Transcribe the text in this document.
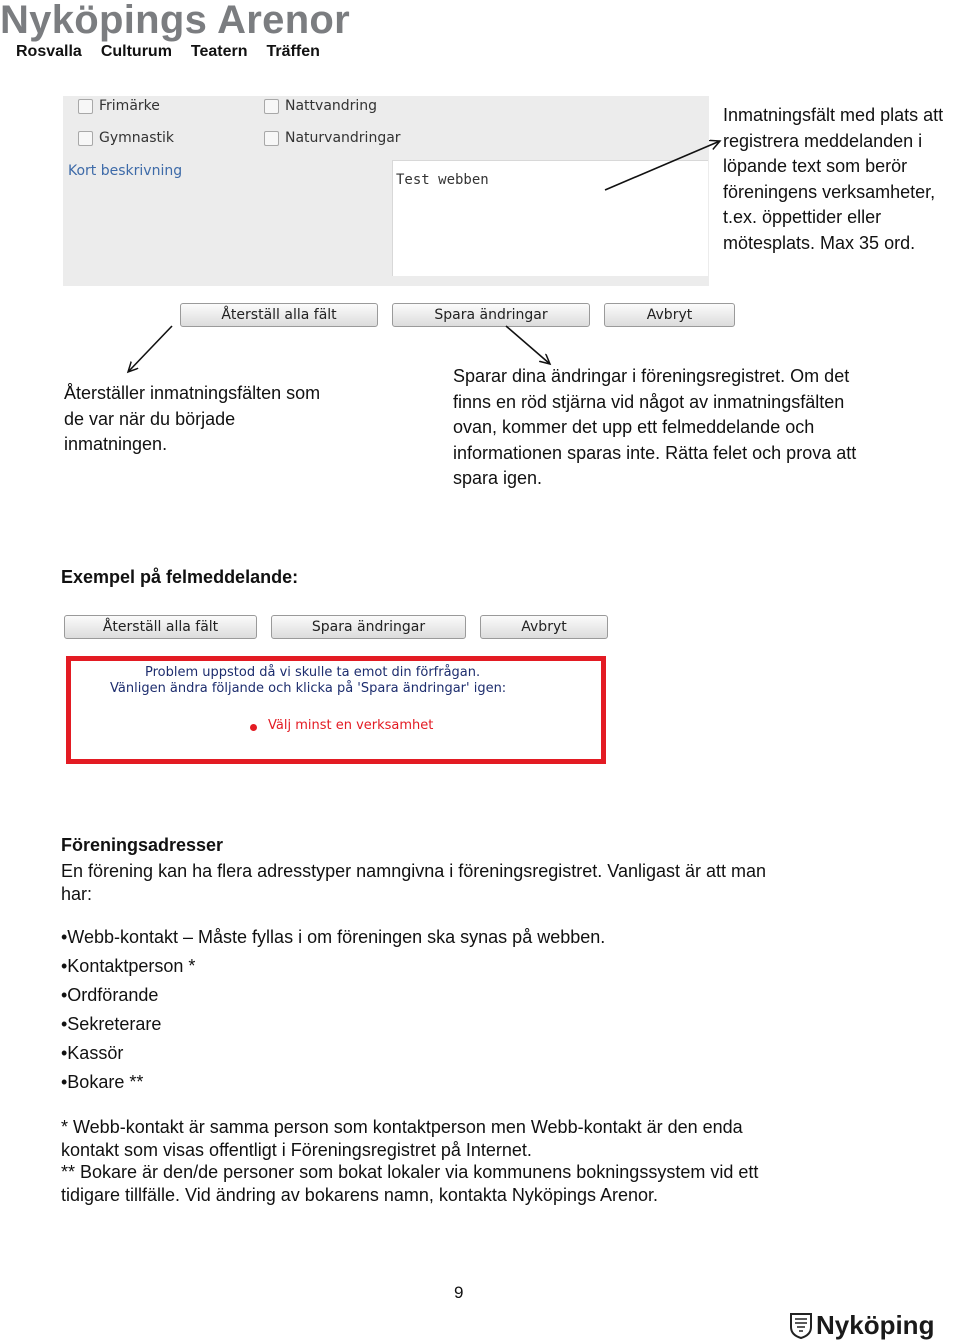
Nyköpings Arenor
Rosvalla Culturum Teatern Träffen
Frimärke	Nattvandring
Gymnastik	Naturvandringar
Kort beskrivning
Test webben
Inmatningsfält med plats att
registrera meddelanden i
löpande text som berör
föreningens verksamheter,
t.ex. öppettider eller
mötesplats. Max 35 ord.
Återställ alla fält	Spara ändringar	Avbryt
Återställer inmatningsfälten som
de var när du började
inmatningen.
Sparar dina ändringar i föreningsregistret. Om det
finns en röd stjärna vid något av inmatningsfälten
ovan, kommer det upp ett felmeddelande och
informationen sparas inte. Rätta felet och prova att
spara igen.
Exempel på felmeddelande:
Återställ alla fält	Spara ändringar	Avbryt
Problem uppstod då vi skulle ta emot din förfrågan.
Vänligen ändra följande och klicka på 'Spara ändringar' igen:
Välj minst en verksamhet
Föreningsadresser
En förening kan ha flera adresstyper namngivna i föreningsregistret. Vanligast är att man
har:
•Webb-kontakt – Måste fyllas i om föreningen ska synas på webben.
•Kontaktperson *
•Ordförande
•Sekreterare
•Kassör
•Bokare **
* Webb-kontakt är samma person som kontaktperson men Webb-kontakt är den enda
kontakt som visas offentligt i Föreningsregistret på Internet.
** Bokare är den/de personer som bokat lokaler via kommunens bokningssystem vid ett
tidigare tillfälle. Vid ändring av bokarens namn, kontakta Nyköpings Arenor.
9
Nyköping
